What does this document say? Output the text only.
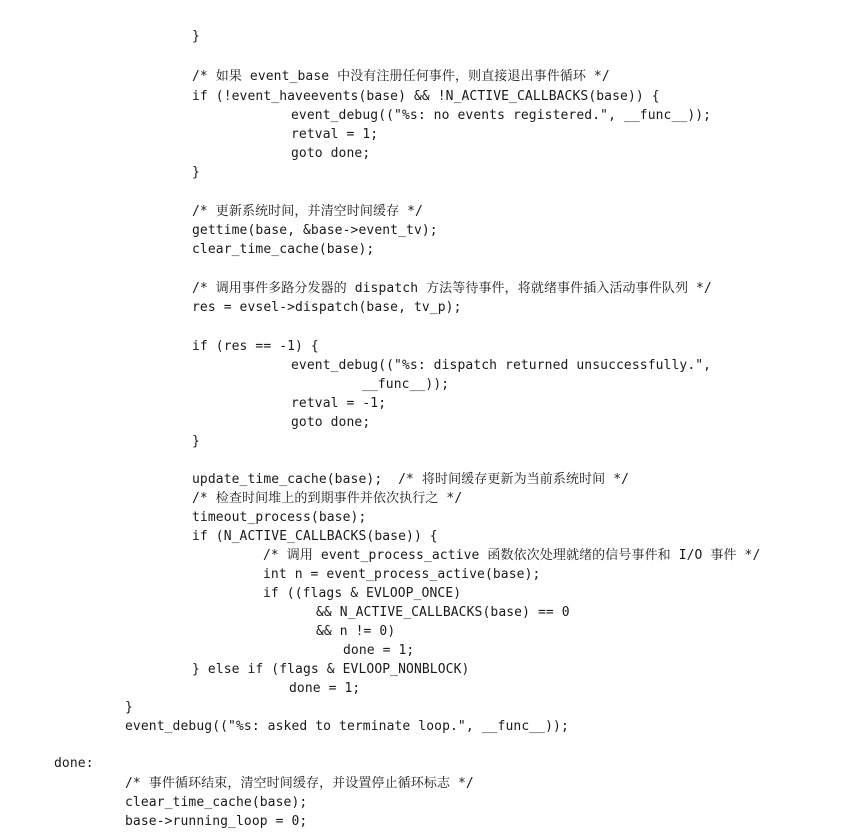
}
/* 如果 event_base 中没有注册任何事件，则直接退出事件循环 */
if (!event_haveevents(base) && !N_ACTIVE_CALLBACKS(base)) {
event_debug(("%s: no events registered.", __func__));
retval = 1;
goto done;
}
/* 更新系统时间，并清空时间缓存 */
gettime(base, &base->event_tv);
clear_time_cache(base);
/* 调用事件多路分发器的 dispatch 方法等待事件，将就绪事件插入活动事件队列 */
res = evsel->dispatch(base, tv_p);
if (res == -1) {
event_debug(("%s: dispatch returned unsuccessfully.",
__func__));
retval = -1;
goto done;
}
update_time_cache(base);  /* 将时间缓存更新为当前系统时间 */
/* 检查时间堆上的到期事件并依次执行之 */
timeout_process(base);
if (N_ACTIVE_CALLBACKS(base)) {
/* 调用 event_process_active 函数依次处理就绪的信号事件和 I/O 事件 */
int n = event_process_active(base);
if ((flags & EVLOOP_ONCE)
&& N_ACTIVE_CALLBACKS(base) == 0
&& n != 0)
done = 1;
} else if (flags & EVLOOP_NONBLOCK)
done = 1;
}
event_debug(("%s: asked to terminate loop.", __func__));
done:
/* 事件循环结束，清空时间缓存，并设置停止循环标志 */
clear_time_cache(base);
base->running_loop = 0;
